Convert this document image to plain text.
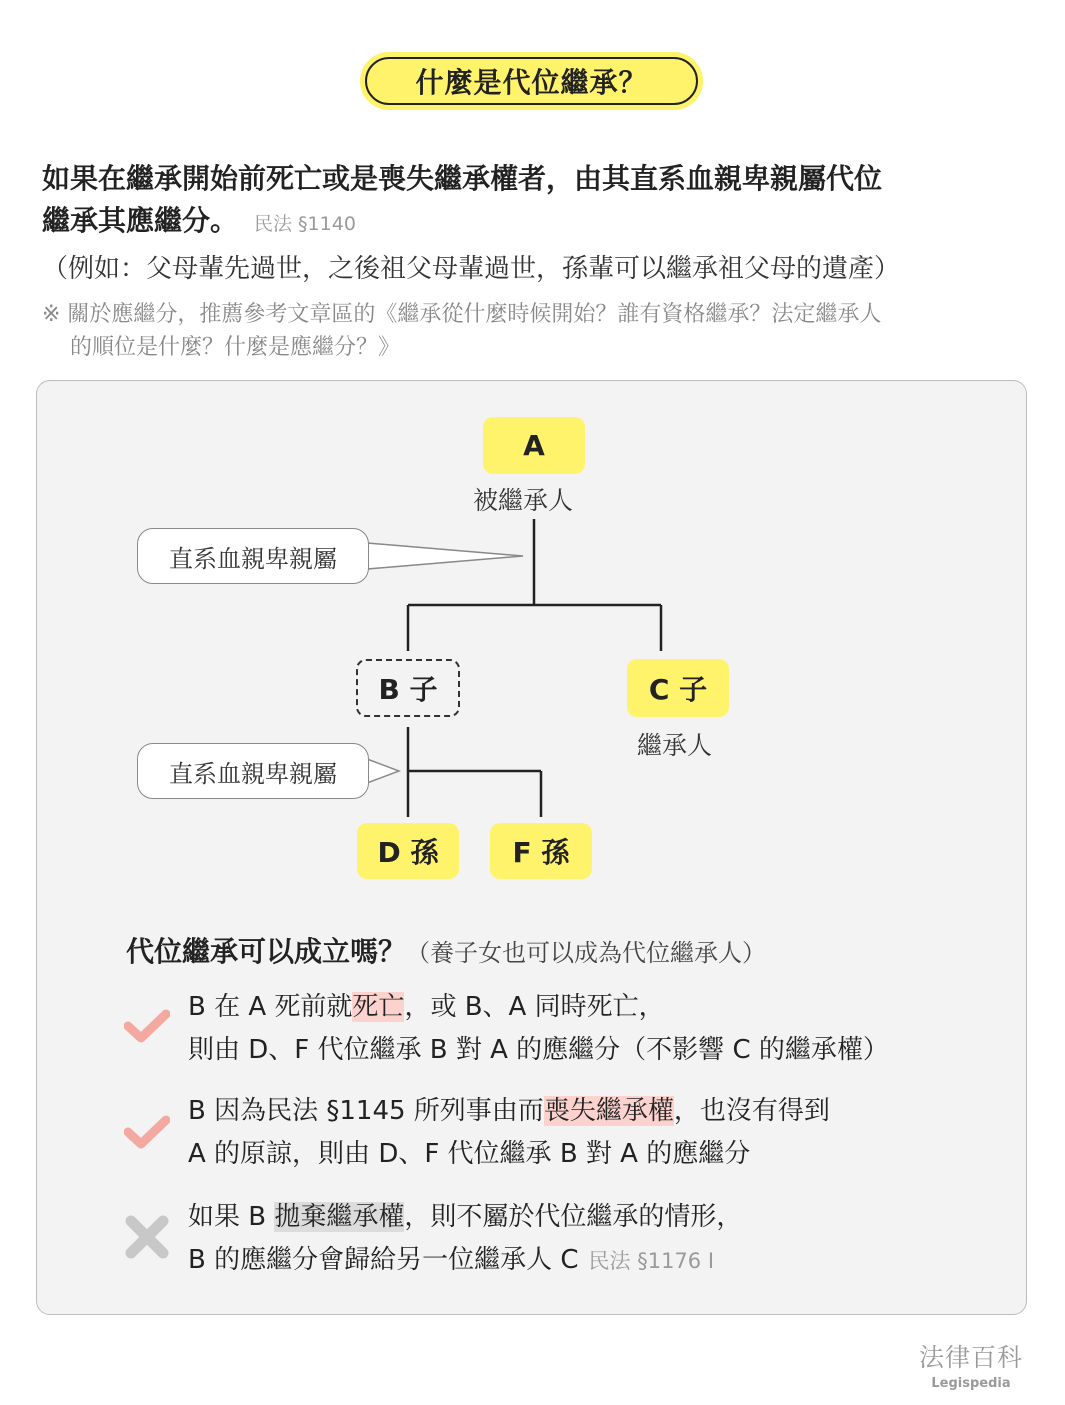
什麼是代位繼承？
如果在繼承開始前死亡或是喪失繼承權者，由其直系血親卑親屬代位
繼承其應繼分。 民法 §1140
（例如：父母輩先過世，之後祖父母輩過世，孫輩可以繼承祖父母的遺產）
※ 關於應繼分，推薦參考文章區的《繼承從什麼時候開始？誰有資格繼承？法定繼承人
的順位是什麼？什麼是應繼分？》
直系血親卑親屬
直系血親卑親屬
A
被繼承人
B 子	C 子
繼承人
D 孫	F 孫
代位繼承可以成立嗎？（養子女也可以成為代位繼承人）
B 在 A 死前就死亡，或 B、A 同時死亡，
則由 D、F 代位繼承 B 對 A 的應繼分（不影響 C 的繼承權）
B 因為民法 §1145 所列事由而喪失繼承權，也沒有得到
A 的原諒，則由 D、F 代位繼承 B 對 A 的應繼分
如果 B 拋棄繼承權，則不屬於代位繼承的情形，
B 的應繼分會歸給另一位繼承人 C 民法 §1176 I
法律百科
Legispedia
